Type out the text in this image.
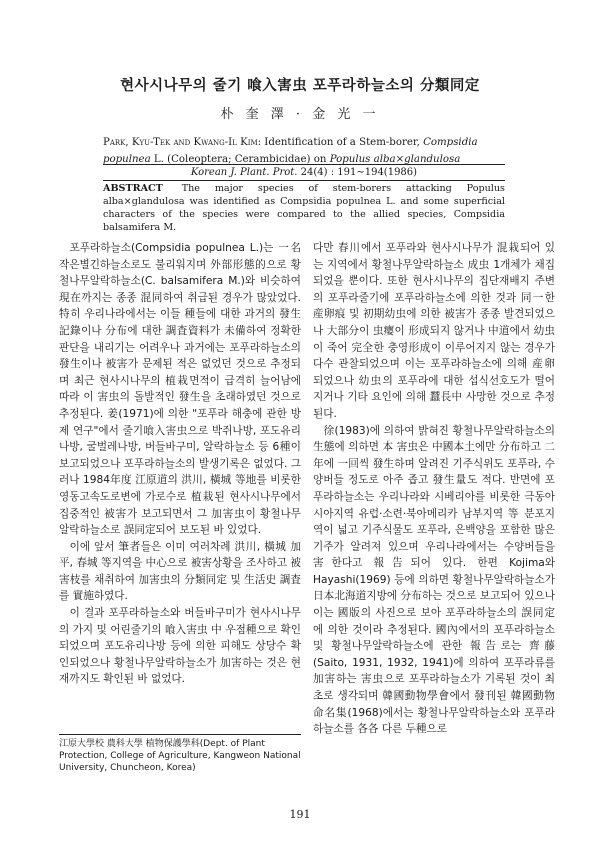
현사시나무의 줄기 喰入害虫 포푸라하늘소의 分類同定
朴 奎 澤 · 金 光 一
Park, Kyu-Tek and Kwang-Il Kim: Identification of a Stem-borer, Compsidia populnea L. (Coleoptera; Cerambicidae) on Populus alba×glandulosa
Korean J. Plant. Prot. 24(4) : 191∼194(1986)
ABSTRACT The major species of stem-borers attacking Populus alba×glandulosa was identified as Compsidia populnea L. and some superficial characters of the species were compared to the allied species, Compsidia balsamifera M.

포푸라하늘소(Compsidia populnea L.)는 一名 작은별긴하늘소로도 불리워지며 外部形態的으로 황철나무알락하늘소(C. balsamifera M.)와 비슷하여 現在까지는 종종 混同하여 취급된 경우가 많았었다. 特히 우리나라에서는 이들 種들에 대한 과거의 發生記錄이나 分布에 대한 調査資料가 未備하여 정확한 판단을 내리기는 어려우나 과거에는 포푸라하늘소의 發生이나 被害가 문제된 적은 없었던 것으로 추정되며 최근 현사시나무의 植栽면적이 급격히 늘어남에 따라 이 害虫의 돌발적인 發生을 초래하였던 것으로 추정된다. 姜(1971)에 의한 "포푸라 해충에 관한 방제 연구"에서 줄기喰入害虫으로 박쥐나방, 포도유리나방, 굴벌레나방, 버들바구미, 알락하늘소 등 6種이 보고되었으나 포푸라하늘소의 발생기록은 없었다. 그러나 1984年度 江原道의 洪川, 橫城 等地를 비롯한 영동고속도로변에 가로수로 植栽된 현사시나무에서 집중적인 被害가 보고되면서 그 加害虫이 황철나무알락하늘소로 誤同定되어 보도된 바 있었다.

이에 앞서 筆者들은 이미 여러차례 洪川, 橫城 加平, 春城 等지역을 中心으로 被害상황을 조사하고 被害枝를 채취하여 加害虫의 分類同定 및 生活史 調査를 實施하였다.

이 결과 포푸라하늘소와 버들바구미가 현사시나무의 가지 및 어린줄기의 喰入害虫 中 우점種으로 확인되었으며 포도유리나방 등에 의한 피해도 상당수 확인되었으나 황철나무알락하늘소가 加害하는 것은 현재까지도 확인된 바 없었다.

다만 春川에서 포푸라와 현사시나무가 混栽되어 있는 지역에서 황철나무알락하늘소 成虫 1개체가 채집되었을 뿐이다. 또한 현사시나무의 집단재배지 주변의 포푸라줄기에 포푸라하늘소에 의한 것과 同一한 産卵痕 및 初期幼虫에 의한 被害가 종종 발견되었으나 大部分이 虫瘿이 形成되지 않거나 中道에서 幼虫이 죽어 完全한 충영形成이 이루어지지 않는 경우가 다수 관찰되었으며 이는 포푸라하늘소에 의해 産卵되었으나 幼虫의 포푸라에 대한 섭식선호도가 떨어지거나 기타 요인에 의해 蠶長中 사망한 것으로 추정된다.

徐(1983)에 의하여 밝혀진 황철나무알락하늘소의 生態에 의하면 本 害虫은 中國本土에만 分布하고 二年에 一回씩 發生하며 알려진 기주식위도 포푸라, 수양버들 정도로 아주 좁고 發生量도 적다. 반면에 포푸라하늘소는 우리나라와 시베리아를 비롯한 극동아시아지역 유럽·소련·북아메리카 남부지역 等 분포지역이 넓고 기주식물도 포푸라, 은백양을 포함한 많은 기주가 알려져 있으며 우리나라에서는 수양버들을 害한다고 報告되어 있다. 한편 Kojima와 Hayashi(1969) 등에 의하면 황철나무알락하늘소가 日本北海道지방에 分布하는 것으로 보고되어 있으나 이는 國版의 사진으로 보아 포푸라하늘소의 誤同定에 의한 것이라 추정된다. 國內에서의 포푸라하늘소 및 황철나무알락하늘소에 관한 報告로는 齊藤(Saito, 1931, 1932, 1941)에 의하여 포푸라류를 加害하는 害虫으로 포푸라하늘소가 기록된 것이 최초로 생각되며 韓國動物學會에서 發刊된 韓國動物命名集(1968)에서는 황철나무알락하늘소와 포푸라하늘소를 各各 다른 두種으로

江原大學校 農科大學 植物保護學科(Dept. of Plant Protection, College of Agriculture, Kangweon National University, Chuncheon, Korea)
191
